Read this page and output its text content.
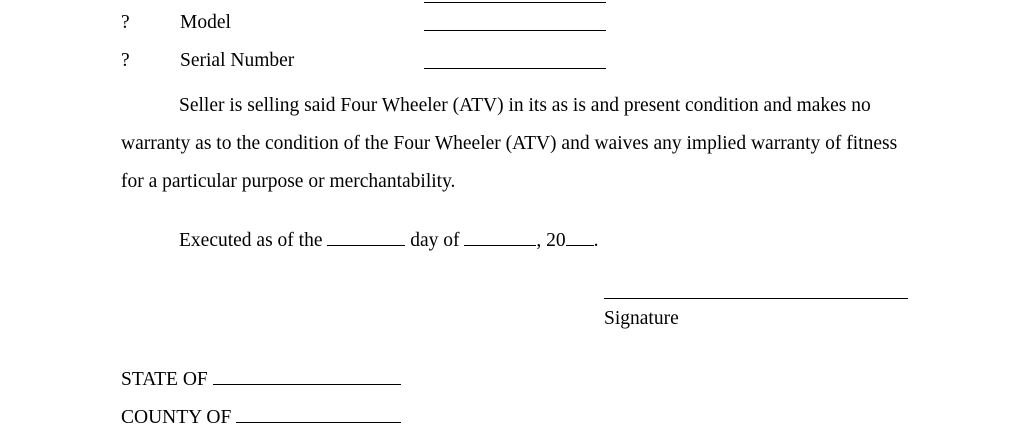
?	Model
?	Serial Number
Seller is selling said Four Wheeler (ATV) in its as is and present condition and makes no warranty as to the condition of the Four Wheeler (ATV) and waives any implied warranty of fitness for a particular purpose or merchantability.
Executed as of the	day of	, 20 .
Signature
STATE OF
COUNTY OF
